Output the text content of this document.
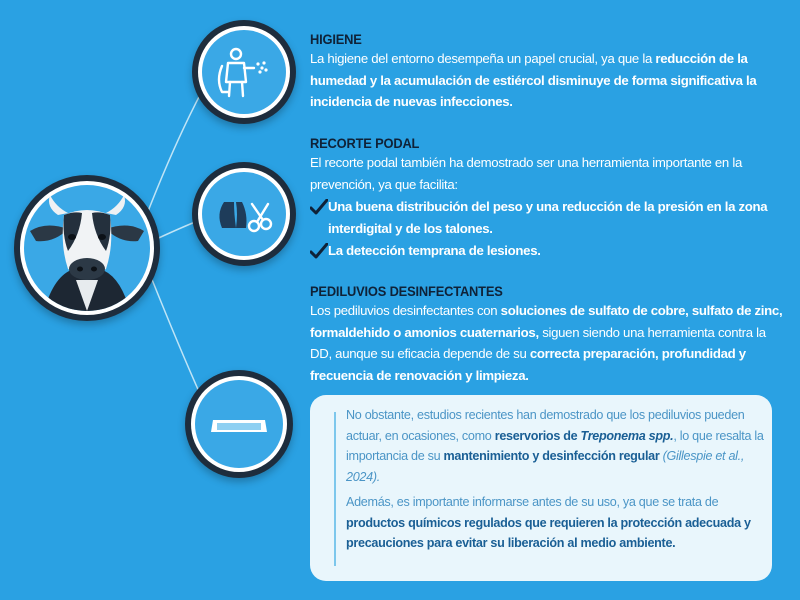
HIGIENE

La higiene del entorno desempeña un papel crucial, ya que la reducción de la humedad y la acumulación de estiércol disminuye de forma significativa la incidencia de nuevas infecciones.

RECORTE PODAL

El recorte podal también ha demostrado ser una herramienta importante en la prevención, ya que facilita:

Una buena distribución del peso y una reducción de la presión en la zona interdigital y de los talones.
La detección temprana de lesiones.
PEDILUVIOS DESINFECTANTES

Los pediluvios desinfectantes con soluciones de sulfato de cobre, sulfato de zinc, formaldehido o amonios cuaternarios, siguen siendo una herramienta contra la DD, aunque su eficacia depende de su correcta preparación, profundidad y frecuencia de renovación y limpieza.

No obstante, estudios recientes han demostrado que los pediluvios pueden actuar, en ocasiones, como reservorios de Treponema spp., lo que resalta la importancia de su mantenimiento y desinfección regular (Gillespie et al., 2024).

Además, es importante informarse antes de su uso, ya que se trata de productos químicos regulados que requieren la protección adecuada y precauciones para evitar su liberación al medio ambiente.
